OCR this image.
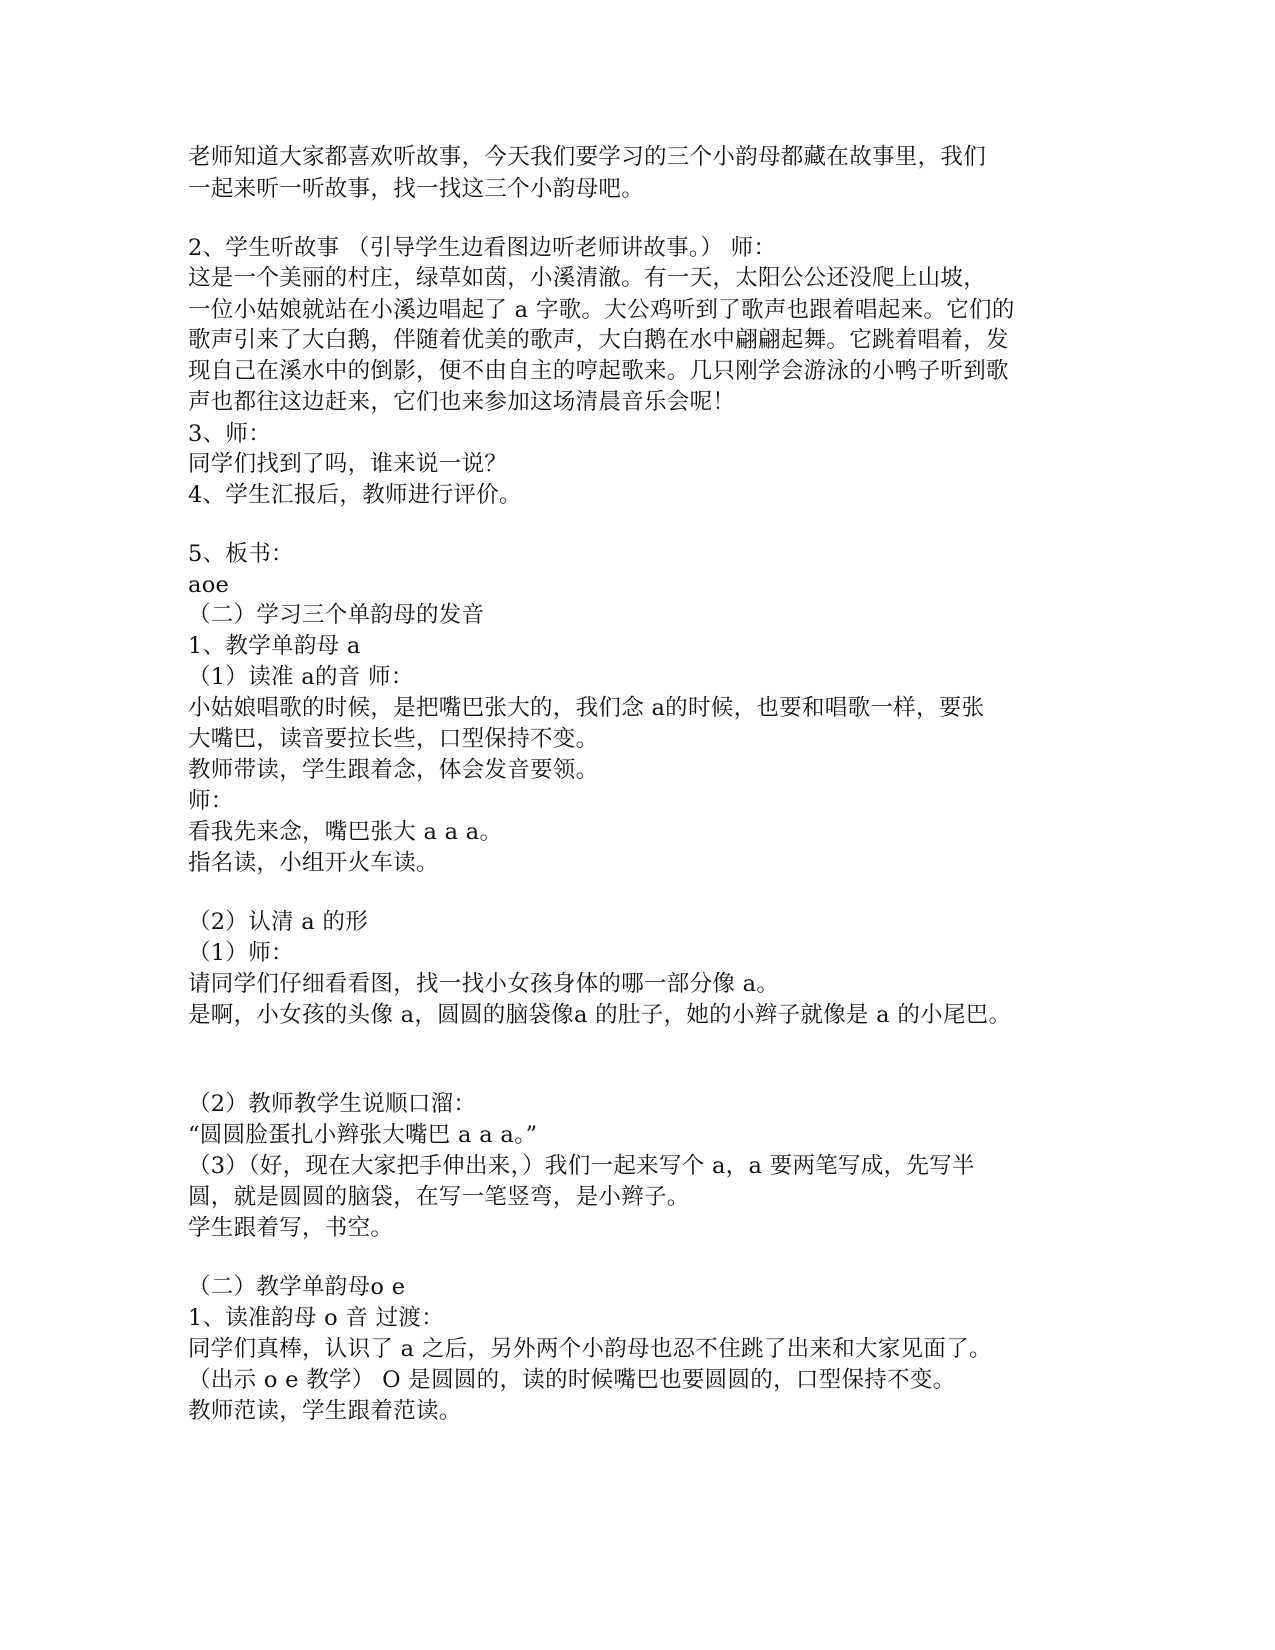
老师知道大家都喜欢听故事，今天我们要学习的三个小韵母都藏在故事里，我们
一起来听一听故事，找一找这三个小韵母吧。
2、学生听故事 （引导学生边看图边听老师讲故事。） 师：
这是一个美丽的村庄，绿草如茵，小溪清澈。有一天，太阳公公还没爬上山坡，
一位小姑娘就站在小溪边唱起了 a 字歌。大公鸡听到了歌声也跟着唱起来。它们的
歌声引来了大白鹅，伴随着优美的歌声，大白鹅在水中翩翩起舞。它跳着唱着，发
现自己在溪水中的倒影，便不由自主的哼起歌来。几只刚学会游泳的小鸭子听到歌
声也都往这边赶来，它们也来参加这场清晨音乐会呢！
3、师：
同学们找到了吗，谁来说一说？
4、学生汇报后，教师进行评价。
5、板书：
aoe
（二）学习三个单韵母的发音
1、教学单韵母 a
（1）读准 a的音 师：
小姑娘唱歌的时候，是把嘴巴张大的，我们念 a的时候，也要和唱歌一样，要张
大嘴巴，读音要拉长些，口型保持不变。
教师带读，学生跟着念，体会发音要领。
师：
看我先来念，嘴巴张大 a a a。
指名读，小组开火车读。
（2）认清 a 的形
（1）师：
请同学们仔细看看图，找一找小女孩身体的哪一部分像 a。
是啊，小女孩的头像 a，圆圆的脑袋像a 的肚子，她的小辫子就像是 a 的小尾巴。
（2）教师教学生说顺口溜：
“圆圆脸蛋扎小辫张大嘴巴 a a a。”
（3）（好，现在大家把手伸出来，）我们一起来写个 a，a 要两笔写成，先写半
圆，就是圆圆的脑袋，在写一笔竖弯，是小辫子。
学生跟着写，书空。
（二）教学单韵母o e
1、读准韵母 o 音 过渡：
同学们真棒，认识了 a 之后，另外两个小韵母也忍不住跳了出来和大家见面了。
（出示 o e 教学） O 是圆圆的，读的时候嘴巴也要圆圆的，口型保持不变。
教师范读，学生跟着范读。
